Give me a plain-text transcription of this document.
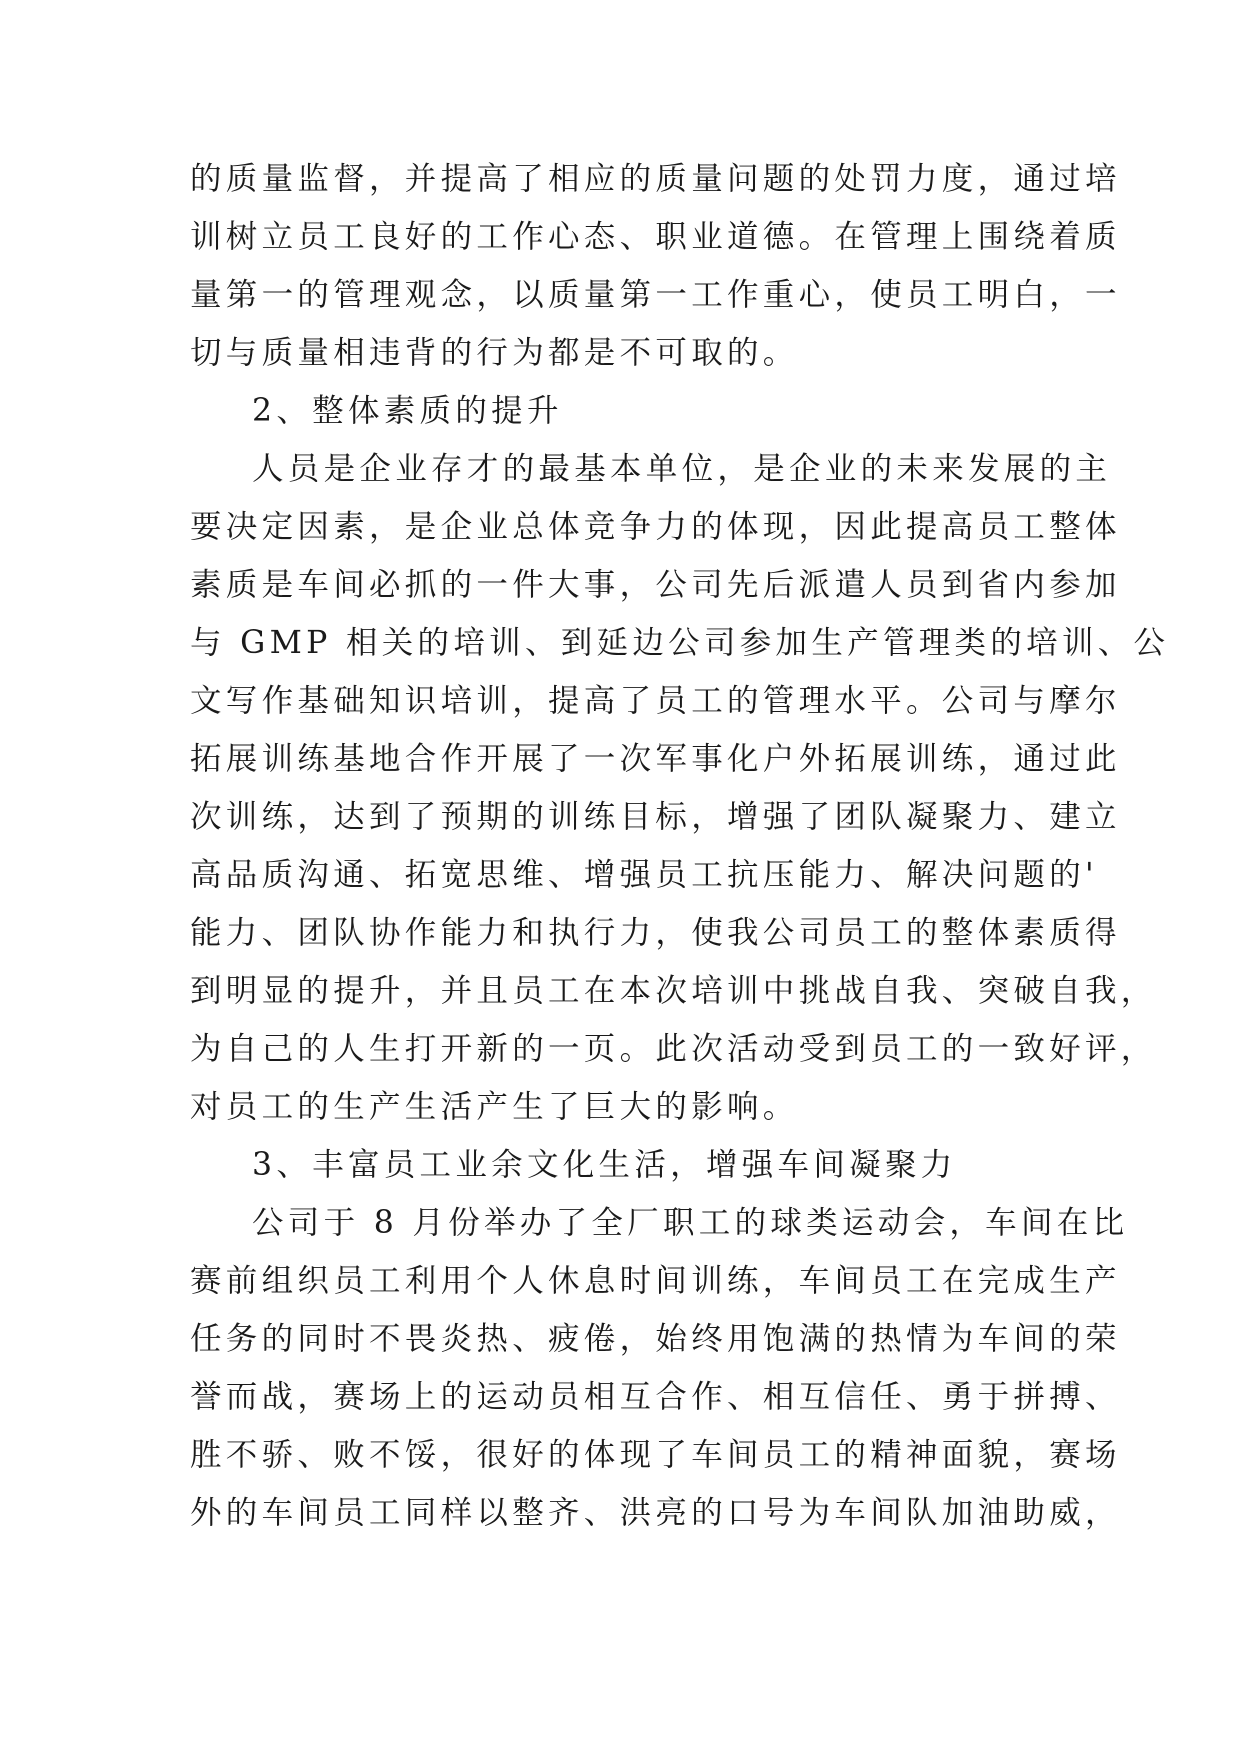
的质量监督，并提高了相应的质量问题的处罚力度，通过培
训树立员工良好的工作心态、职业道德。在管理上围绕着质
量第一的管理观念，以质量第一工作重心，使员工明白，一
切与质量相违背的行为都是不可取的。
2、整体素质的提升
人员是企业存才的最基本单位，是企业的未来发展的主
要决定因素，是企业总体竞争力的体现，因此提高员工整体
素质是车间必抓的一件大事，公司先后派遣人员到省内参加
与 GMP 相关的培训、到延边公司参加生产管理类的培训、公
文写作基础知识培训，提高了员工的管理水平。公司与摩尔
拓展训练基地合作开展了一次军事化户外拓展训练，通过此
次训练，达到了预期的训练目标，增强了团队凝聚力、建立
高品质沟通、拓宽思维、增强员工抗压能力、解决问题的'
能力、团队协作能力和执行力，使我公司员工的整体素质得
到明显的提升，并且员工在本次培训中挑战自我、突破自我，
为自己的人生打开新的一页。此次活动受到员工的一致好评，
对员工的生产生活产生了巨大的影响。
3、丰富员工业余文化生活，增强车间凝聚力
公司于 8 月份举办了全厂职工的球类运动会，车间在比
赛前组织员工利用个人休息时间训练，车间员工在完成生产
任务的同时不畏炎热、疲倦，始终用饱满的热情为车间的荣
誉而战，赛场上的运动员相互合作、相互信任、勇于拼搏、
胜不骄、败不馁，很好的体现了车间员工的精神面貌，赛场
外的车间员工同样以整齐、洪亮的口号为车间队加油助威，
